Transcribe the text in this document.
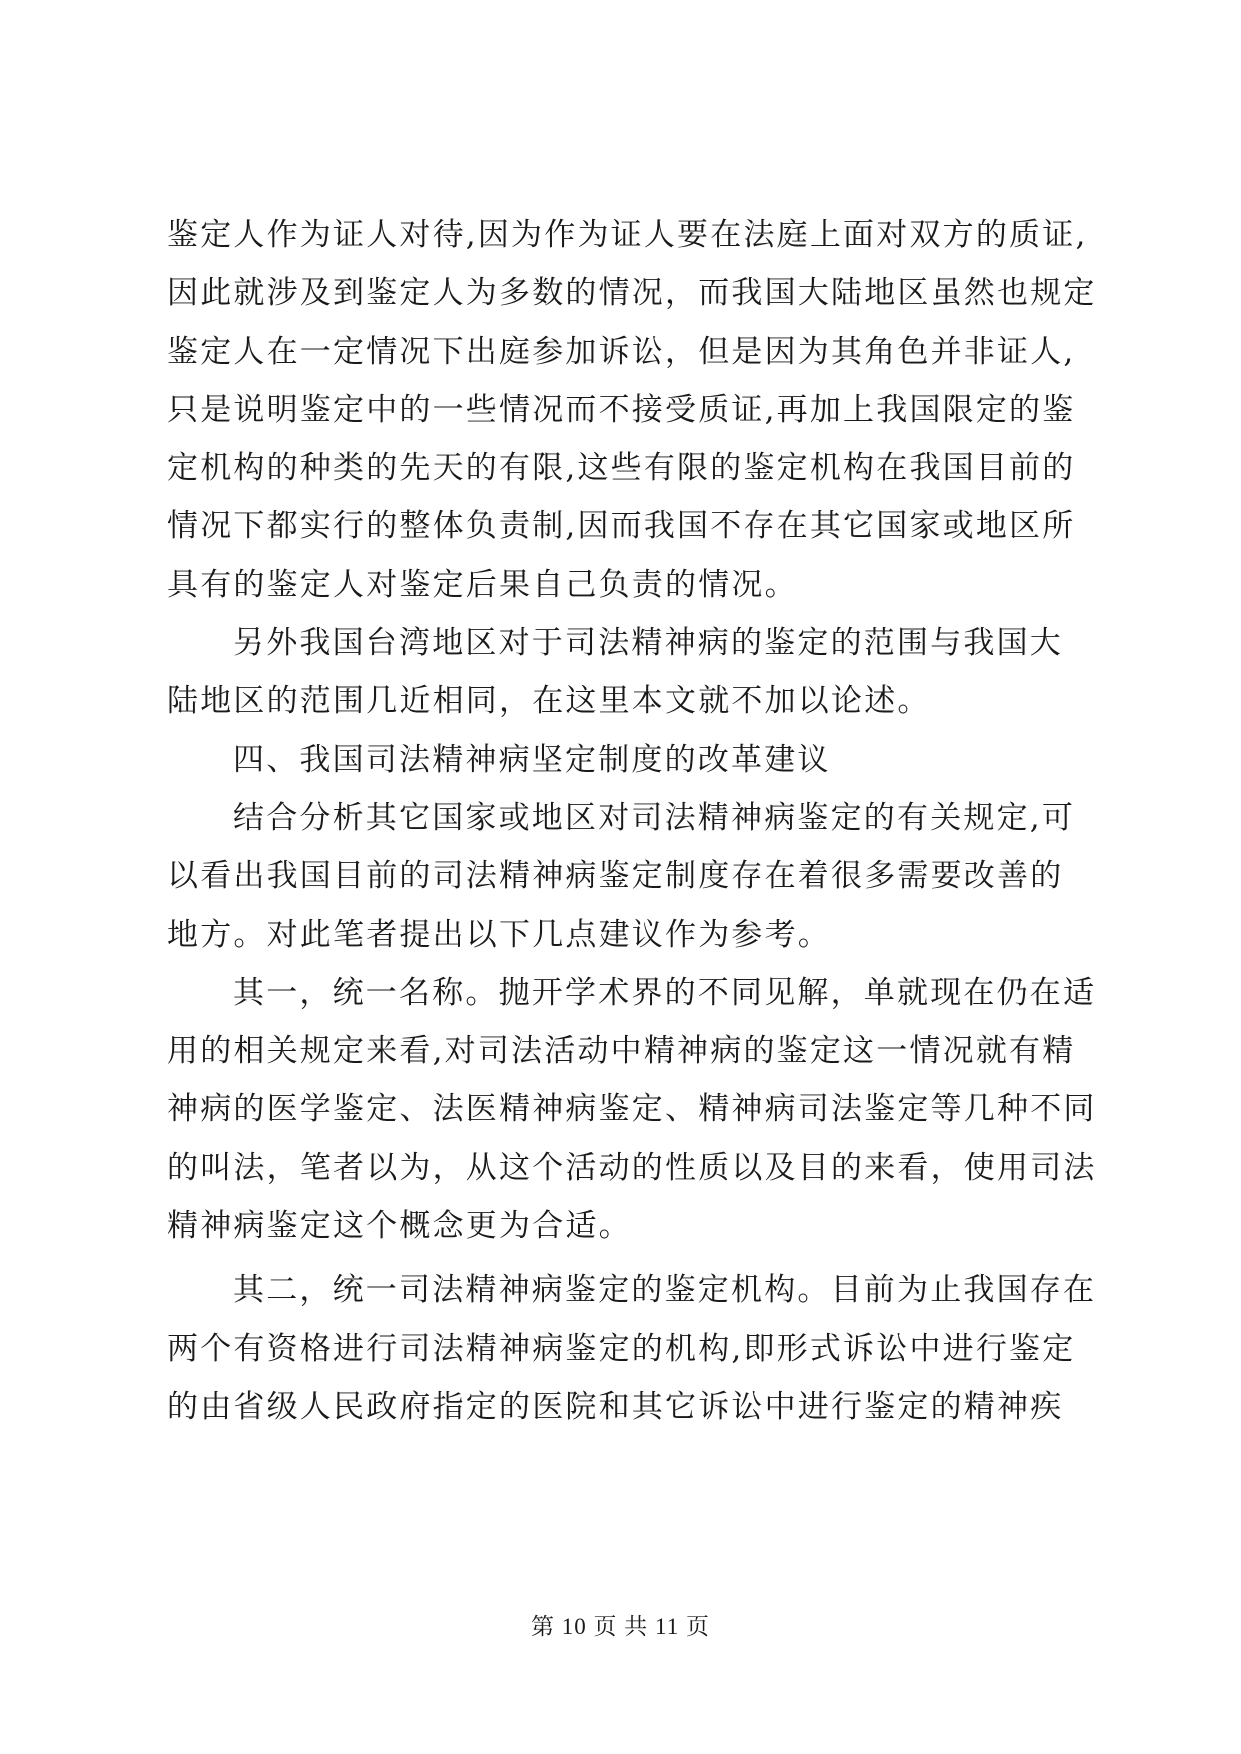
鉴定人作为证人对待,因为作为证人要在法庭上面对双方的质证,
因此就涉及到鉴定人为多数的情况，而我国大陆地区虽然也规定
鉴定人在一定情况下出庭参加诉讼，但是因为其角色并非证人,
只是说明鉴定中的一些情况而不接受质证,再加上我国限定的鉴
定机构的种类的先天的有限,这些有限的鉴定机构在我国目前的
情况下都实行的整体负责制,因而我国不存在其它国家或地区所
具有的鉴定人对鉴定后果自己负责的情况。
另外我国台湾地区对于司法精神病的鉴定的范围与我国大
陆地区的范围几近相同，在这里本文就不加以论述。
四、我国司法精神病坚定制度的改革建议
结合分析其它国家或地区对司法精神病鉴定的有关规定,可
以看出我国目前的司法精神病鉴定制度存在着很多需要改善的
地方。对此笔者提出以下几点建议作为参考。
其一，统一名称。抛开学术界的不同见解，单就现在仍在适
用的相关规定来看,对司法活动中精神病的鉴定这一情况就有精
神病的医学鉴定、法医精神病鉴定、精神病司法鉴定等几种不同
的叫法，笔者以为，从这个活动的性质以及目的来看，使用司法
精神病鉴定这个概念更为合适。
其二，统一司法精神病鉴定的鉴定机构。目前为止我国存在
两个有资格进行司法精神病鉴定的机构,即形式诉讼中进行鉴定
的由省级人民政府指定的医院和其它诉讼中进行鉴定的精神疾
第 10 页 共 11 页
